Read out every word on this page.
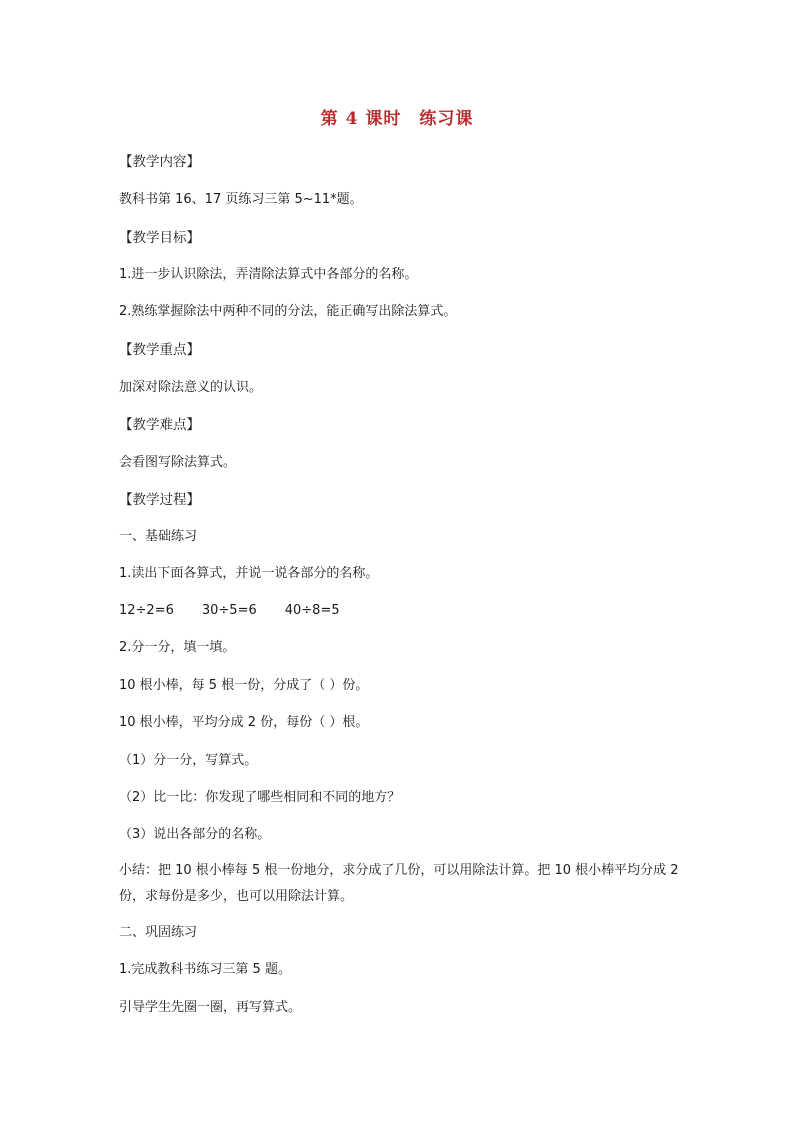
第 4 课时 练习课
【教学内容】
教科书第 16、17 页练习三第 5~11*题。
【教学目标】
1.进一步认识除法，弄清除法算式中各部分的名称。
2.熟练掌握除法中两种不同的分法，能正确写出除法算式。
【教学重点】
加深对除法意义的认识。
【教学难点】
会看图写除法算式。
【教学过程】
一、基础练习
1.读出下面各算式，并说一说各部分的名称。
12÷2=6 30÷5=6 40÷8=5
2.分一分，填一填。
10 根小棒，每 5 根一份，分成了（ ）份。
10 根小棒，平均分成 2 份，每份（ ）根。
（1）分一分，写算式。
（2）比一比：你发现了哪些相同和不同的地方？
（3）说出各部分的名称。
小结：把 10 根小棒每 5 根一份地分，求分成了几份，可以用除法计算。把 10 根小棒平均分成 2 份，求每份是多少，也可以用除法计算。
二、巩固练习
1.完成教科书练习三第 5 题。
引导学生先圈一圈，再写算式。
